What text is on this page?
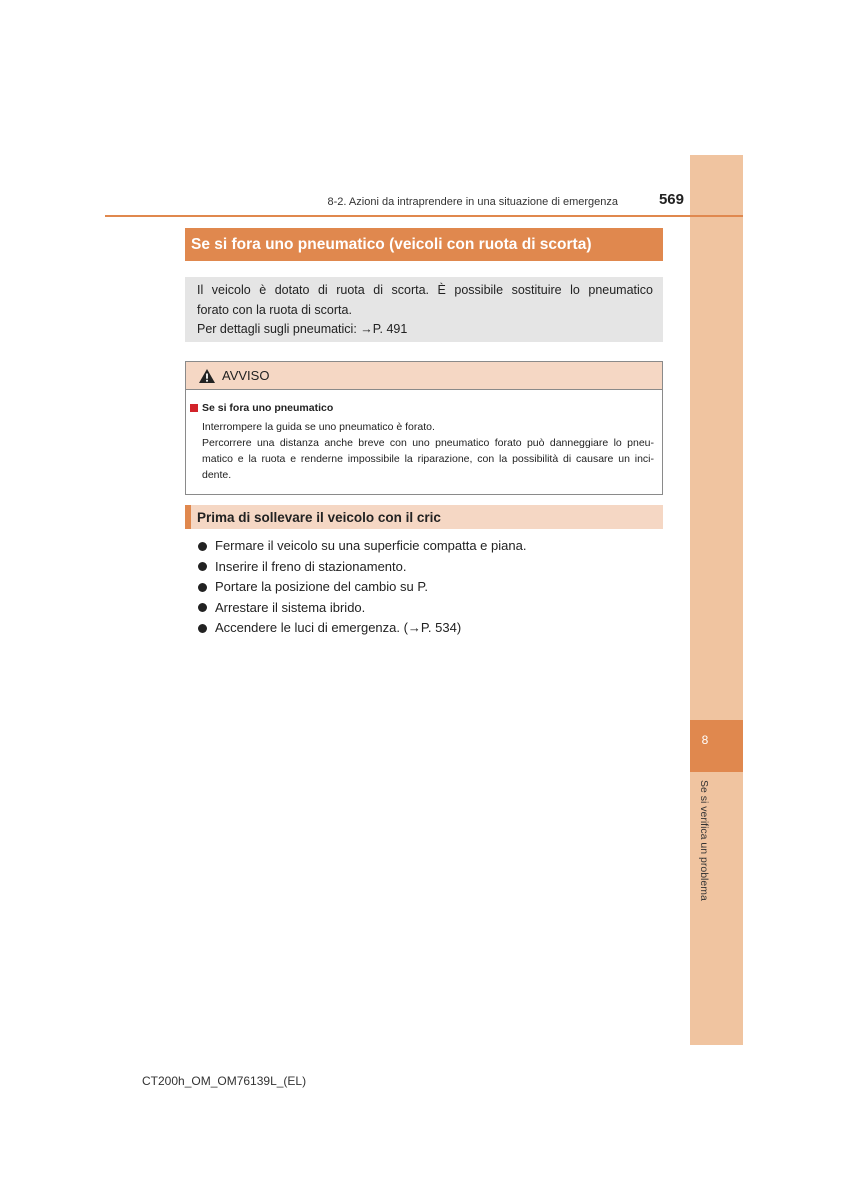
8
Se si verifica un problema
8-2. Azioni da intraprendere in una situazione di emergenza	569
Se si fora uno pneumatico (veicoli con ruota di scorta)

Il veicolo è dotato di ruota di scorta. È possibile sostituire lo pneumatico

forato con la ruota di scorta.

Per dettagli sugli pneumatici: →P. 491

AVVISO
Se si fora uno pneumatico

Interrompere la guida se uno pneumatico è forato.

Percorrere una distanza anche breve con uno pneumatico forato può danneggiare lo pneu-

matico e la ruota e renderne impossibile la riparazione, con la possibilità di causare un inci-

dente.

Prima di sollevare il veicolo con il cric
Fermare il veicolo su una superficie compatta e piana.
Inserire il freno di stazionamento.
Portare la posizione del cambio su P.
Arrestare il sistema ibrido.
Accendere le luci di emergenza. (→P. 534)
CT200h_OM_OM76139L_(EL)
